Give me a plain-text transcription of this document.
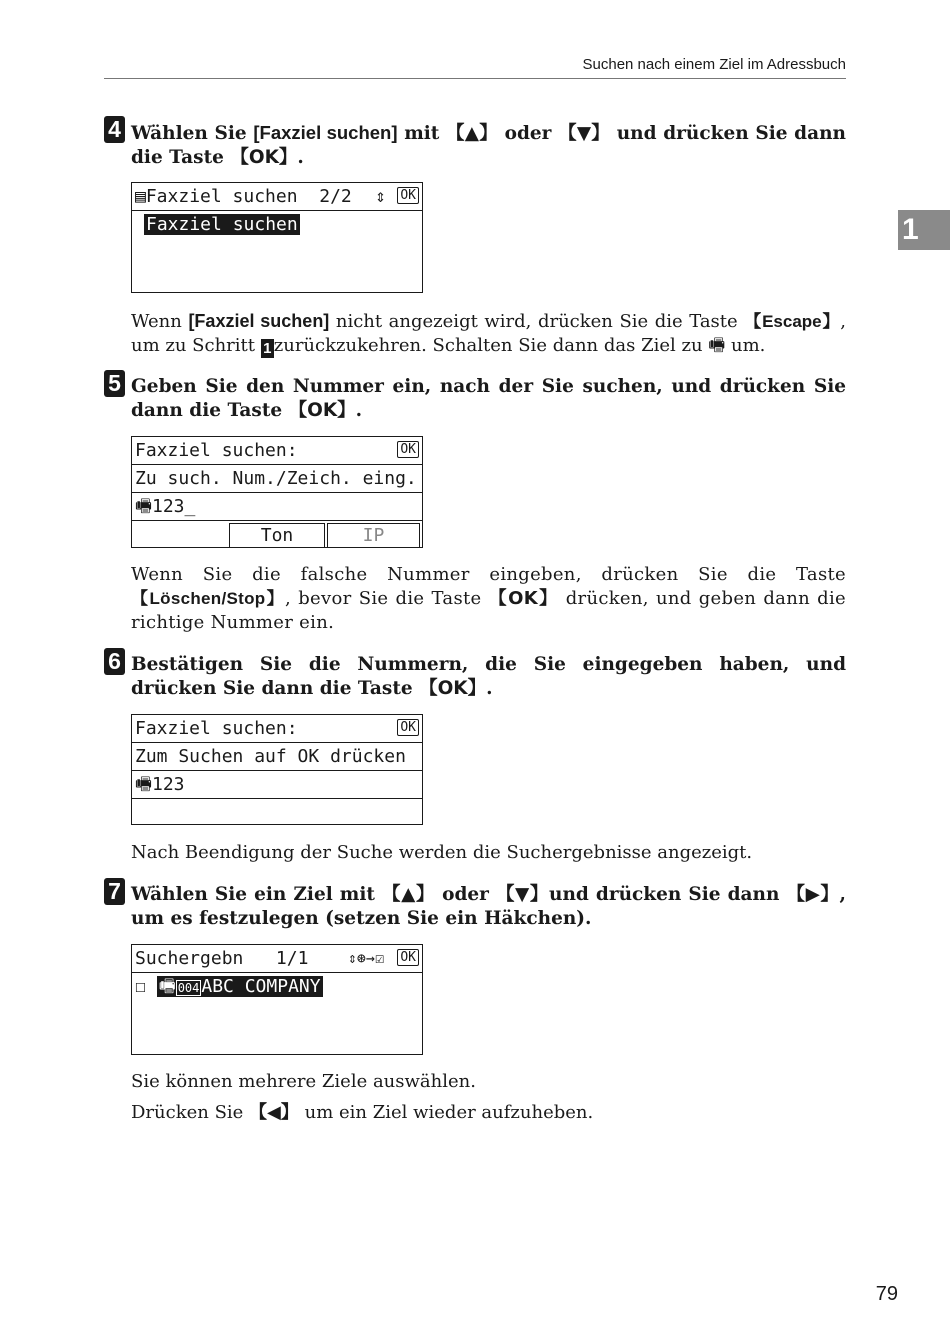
Suchen nach einem Ziel im Adressbuch
1
4 Wählen Sie [Faxziel suchen] mit 【▲】 oder 【▼】 und drücken Sie dann die Taste 【OK】.
▤Faxziel suchen 2/2 ⇕ OK
Faxziel suchen
Wenn [Faxziel suchen] nicht angezeigt wird, drücken Sie die Taste 【Escape】, um zu Schritt 1 zurückzukehren. Schalten Sie dann das Ziel zu 🖷 um.
5 Geben Sie den Nummer ein, nach der Sie suchen, und drücken Sie dann die Taste 【OK】.
Faxziel suchen:	OK
Zu such. Num./Zeich. eing.
🖷123_
Ton	IP
Wenn Sie die falsche Nummer eingeben, drücken Sie die Taste 【Löschen/Stop】, bevor Sie die Taste 【OK】 drücken, und geben dann die richtige Nummer ein.
6 Bestätigen Sie die Nummern, die Sie eingegeben haben, und drücken Sie dann die Taste 【OK】.
Faxziel suchen:	OK
Zum Suchen auf OK drücken
🖷123
Nach Beendigung der Suche werden die Suchergebnisse angezeigt.
7 Wählen Sie ein Ziel mit 【▲】 oder 【▼】und drücken Sie dann 【▶】, um es festzulegen (setzen Sie ein Häkchen).
Suchergebn 1/1	⇕⊛→☑ OK
☐ 🖷 004 ABC COMPANY
Sie können mehrere Ziele auswählen.
Drücken Sie 【◀】 um ein Ziel wieder aufzuheben.
79
